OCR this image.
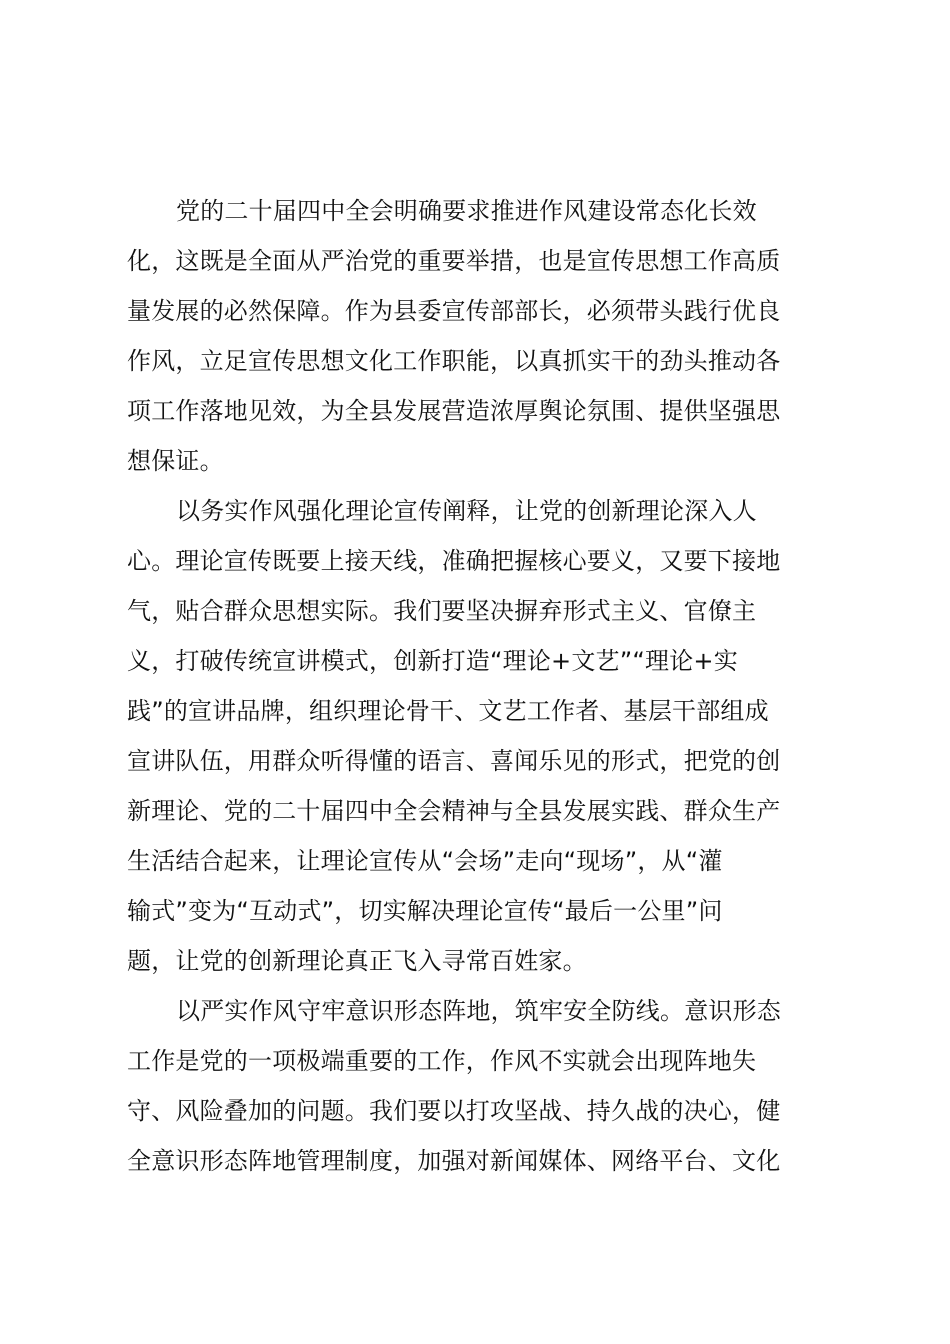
党的二十届四中全会明确要求推进作风建设常态化长效
化，这既是全面从严治党的重要举措，也是宣传思想工作高质
量发展的必然保障。作为县委宣传部部长，必须带头践行优良
作风，立足宣传思想文化工作职能，以真抓实干的劲头推动各
项工作落地见效，为全县发展营造浓厚舆论氛围、提供坚强思
想保证。
以务实作风强化理论宣传阐释，让党的创新理论深入人
心。理论宣传既要上接天线，准确把握核心要义，又要下接地
气，贴合群众思想实际。我们要坚决摒弃形式主义、官僚主
义，打破传统宣讲模式，创新打造“理论+文艺”“理论+实
践”的宣讲品牌，组织理论骨干、文艺工作者、基层干部组成
宣讲队伍，用群众听得懂的语言、喜闻乐见的形式，把党的创
新理论、党的二十届四中全会精神与全县发展实践、群众生产
生活结合起来，让理论宣传从“会场”走向“现场”，从“灌
输式”变为“互动式”，切实解决理论宣传“最后一公里”问
题，让党的创新理论真正飞入寻常百姓家。
以严实作风守牢意识形态阵地，筑牢安全防线。意识形态
工作是党的一项极端重要的工作，作风不实就会出现阵地失
守、风险叠加的问题。我们要以打攻坚战、持久战的决心，健
全意识形态阵地管理制度，加强对新闻媒体、网络平台、文化
